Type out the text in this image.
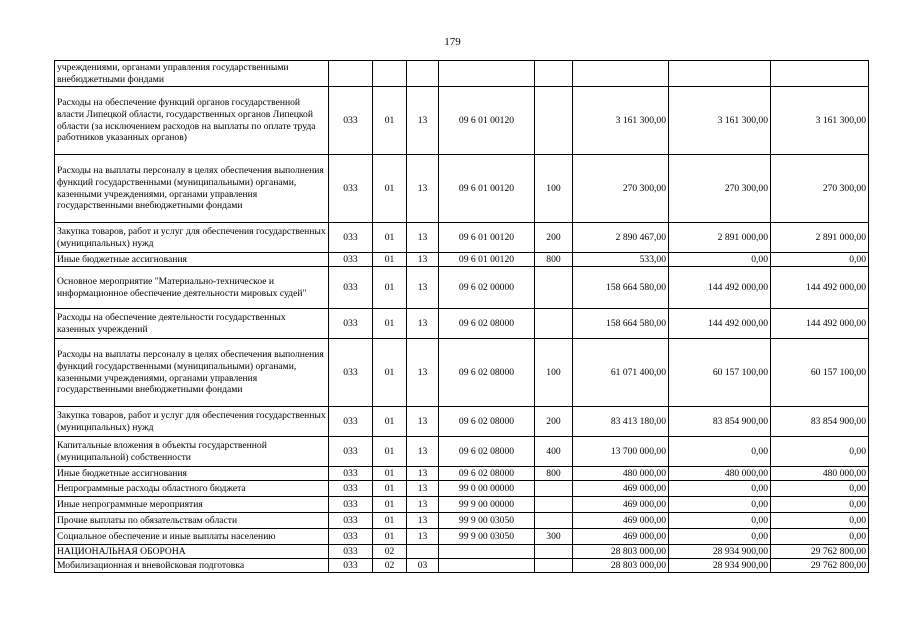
179
учреждениями, органами управления государственными внебюджетными фондами								
Расходы на обеспечение функций органов государственной власти Липецкой области, государственных органов Липецкой области (за исключением расходов на выплаты по оплате труда работников указанных органов)	033	01	13	09 6 01 00120		3 161 300,00	3 161 300,00	3 161 300,00
Расходы на выплаты персоналу в целях обеспечения выполнения функций государственными (муниципальными) органами, казенными учреждениями, органами управления государственными внебюджетными фондами	033	01	13	09 6 01 00120	100	270 300,00	270 300,00	270 300,00
Закупка товаров, работ и услуг для обеспечения государственных (муниципальных) нужд	033	01	13	09 6 01 00120	200	2 890 467,00	2 891 000,00	2 891 000,00
Иные бюджетные ассигнования	033	01	13	09 6 01 00120	800	533,00	0,00	0,00
Основное мероприятие "Материально-техническое и информационное обеспечение деятельности мировых судей"	033	01	13	09 6 02 00000		158 664 580,00	144 492 000,00	144 492 000,00
Расходы на обеспечение деятельности государственных казенных учреждений	033	01	13	09 6 02 08000		158 664 580,00	144 492 000,00	144 492 000,00
Расходы на выплаты персоналу в целях обеспечения выполнения функций государственными (муниципальными) органами, казенными учреждениями, органами управления государственными внебюджетными фондами	033	01	13	09 6 02 08000	100	61 071 400,00	60 157 100,00	60 157 100,00
Закупка товаров, работ и услуг для обеспечения государственных (муниципальных) нужд	033	01	13	09 6 02 08000	200	83 413 180,00	83 854 900,00	83 854 900,00
Капитальные вложения в объекты государственной (муниципальной) собственности	033	01	13	09 6 02 08000	400	13 700 000,00	0,00	0,00
Иные бюджетные ассигнования	033	01	13	09 6 02 08000	800	480 000,00	480 000,00	480 000,00
Непрограммные расходы областного бюджета	033	01	13	99 0 00 00000		469 000,00	0,00	0,00
Иные непрограммные мероприятия	033	01	13	99 9 00 00000		469 000,00	0,00	0,00
Прочие выплаты по обязательствам области	033	01	13	99 9 00 03050		469 000,00	0,00	0,00
Социальное обеспечение и иные выплаты населению	033	01	13	99 9 00 03050	300	469 000,00	0,00	0,00
НАЦИОНАЛЬНАЯ ОБОРОНА	033	02				28 803 000,00	28 934 900,00	29 762 800,00
Мобилизационная и вневойсковая подготовка	033	02	03			28 803 000,00	28 934 900,00	29 762 800,00
